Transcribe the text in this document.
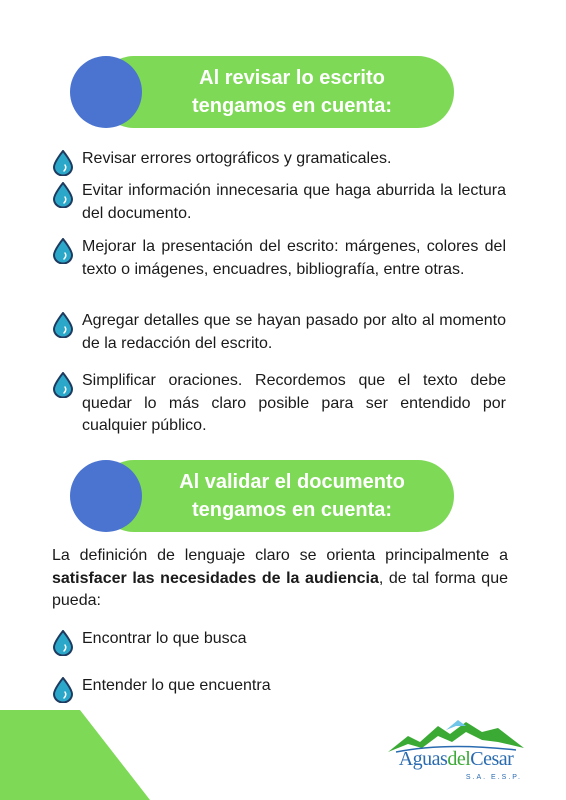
Al revisar lo escrito
tengamos en cuenta:

Revisar errores ortográficos y gramaticales.

Evitar información innecesaria que haga aburrida la lectura del documento.

Mejorar la presentación del escrito: márgenes, colores del texto o imágenes, encuadres, bibliografía, entre otras.

Agregar detalles que se hayan pasado por alto al momento de la redacción del escrito.

Simplificar oraciones. Recordemos que el texto debe quedar lo más claro posible para ser entendido por cualquier público.

Al validar el documento
tengamos en cuenta:

La definición de lenguaje claro se orienta principalmente a satisfacer las necesidades de la audiencia, de tal forma que pueda:

Encontrar lo que busca

Entender lo que encuentra

AguasdelCesar
S.A. E.S.P.
